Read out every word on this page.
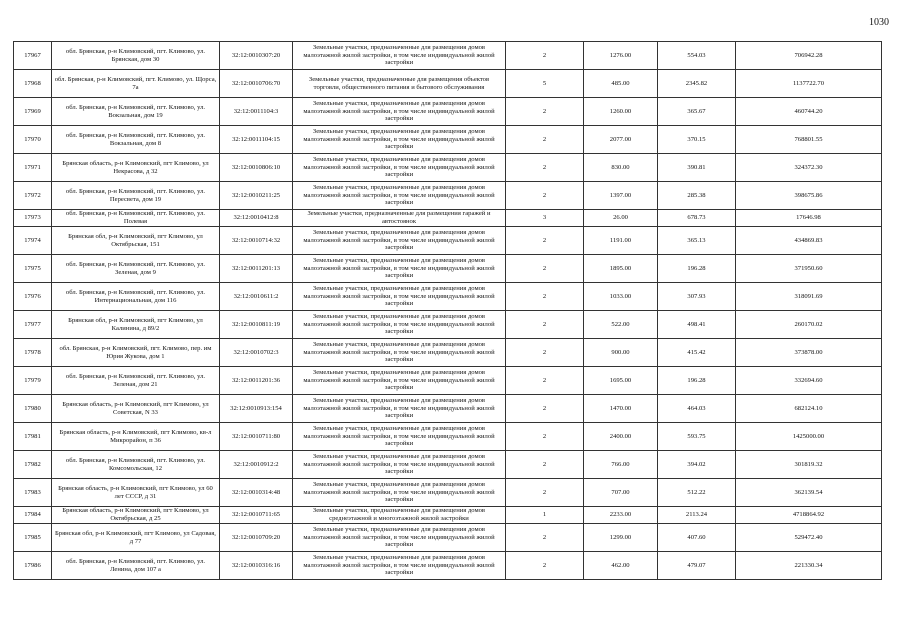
1030
17967	обл. Брянская, р-н Климовский, пгт. Климово, ул. Брянская, дом 30	32:12:0010307:20	Земельные участки, предназначенные для размещения домов малоэтажной жилой застройки, в том числе индивидуальной жилой застройки	2	1276.00	554.03	706942.28
17968	обл. Брянская, р-н Климовский, пгт. Климово, ул. Щорса, 7а	32:12:0010706:70	Земельные участки, предназначенные для размещения объектов торговли, общественного питания и бытового обслуживания	5	485.00	2345.82	1137722.70
17969	обл. Брянская, р-н Климовский, пгт. Климово, ул. Вокзальная, дом 19	32:12:0011104:3	Земельные участки, предназначенные для размещения домов малоэтажной жилой застройки, в том числе индивидуальной жилой застройки	2	1260.00	365.67	460744.20
17970	обл. Брянская, р-н Климовский, пгт. Климово, ул. Вокзальная, дом 8	32:12:0011104:15	Земельные участки, предназначенные для размещения домов малоэтажной жилой застройки, в том числе индивидуальной жилой застройки	2	2077.00	370.15	768801.55
17971	Брянская область, р-н Климовский, пгт Климово, ул Некрасова, д 32	32:12:0010806:10	Земельные участки, предназначенные для размещения домов малоэтажной жилой застройки, в том числе индивидуальной жилой застройки	2	830.00	390.81	324372.30
17972	обл. Брянская, р-н Климовский, пгт. Климово, ул. Пересвета, дом 19	32:12:0010211:25	Земельные участки, предназначенные для размещения домов малоэтажной жилой застройки, в том числе индивидуальной жилой застройки	2	1397.00	285.38	398675.86
17973	обл. Брянская, р-н Климовский, пгт. Климово, ул. Полевая	32:12:0010412:8	Земельные участки, предназначенные для размещения гаражей и автостоянок	3	26.00	678.73	17646.98
17974	Брянская обл, р-н Климовский, пгт Климово, ул Октябрьская, 151	32:12:0010714:32	Земельные участки, предназначенные для размещения домов малоэтажной жилой застройки, в том числе индивидуальной жилой застройки	2	1191.00	365.13	434869.83
17975	обл. Брянская, р-н Климовский, пгт. Климово, ул. Зеленая, дом 9	32:12:0011201:13	Земельные участки, предназначенные для размещения домов малоэтажной жилой застройки, в том числе индивидуальной жилой застройки	2	1895.00	196.28	371950.60
17976	обл. Брянская, р-н Климовский, пгт. Климово, ул. Интернациональная, дом 116	32:12:0010611:2	Земельные участки, предназначенные для размещения домов малоэтажной жилой застройки, в том числе индивидуальной жилой застройки	2	1033.00	307.93	318091.69
17977	Брянская обл, р-н Климовский, пгт Климово, ул Калинина, д 89/2	32:12:0010811:19	Земельные участки, предназначенные для размещения домов малоэтажной жилой застройки, в том числе индивидуальной жилой застройки	2	522.00	498.41	260170.02
17978	обл. Брянская, р-н Климовский, пгт. Климово, пер. им Юрия Жукова, дом 1	32:12:0010702:3	Земельные участки, предназначенные для размещения домов малоэтажной жилой застройки, в том числе индивидуальной жилой застройки	2	900.00	415.42	373878.00
17979	обл. Брянская, р-н Климовский, пгт. Климово, ул. Зеленая, дом 21	32:12:0011201:36	Земельные участки, предназначенные для размещения домов малоэтажной жилой застройки, в том числе индивидуальной жилой застройки	2	1695.00	196.28	332694.60
17980	Брянская область, р-н Климовский, пгт Климово, ул Советская, N 33	32:12:0010913:154	Земельные участки, предназначенные для размещения домов малоэтажной жилой застройки, в том числе индивидуальной жилой застройки	2	1470.00	464.03	682124.10
17981	Брянская область, р-н Климовский, пгт Климово, кв-л Микрорайон, п 36	32:12:0010711:80	Земельные участки, предназначенные для размещения домов малоэтажной жилой застройки, в том числе индивидуальной жилой застройки	2	2400.00	593.75	1425000.00
17982	обл. Брянская, р-н Климовский, пгт. Климово, ул. Комсомольская, 12	32:12:0010912:2	Земельные участки, предназначенные для размещения домов малоэтажной жилой застройки, в том числе индивидуальной жилой застройки	2	766.00	394.02	301819.32
17983	Брянская область, р-н Климовский, пгт Климово, ул 60 лет СССР, д 31	32:12:0010314:48	Земельные участки, предназначенные для размещения домов малоэтажной жилой застройки, в том числе индивидуальной жилой застройки	2	707.00	512.22	362139.54
17984	Брянская область, р-н Климовский, пгт Климово, ул Октябрьская, д 25	32:12:0010711:65	Земельные участки, предназначенные для размещения домов среднеэтажной и многоэтажной жилой застройки	1	2233.00	2113.24	4718864.92
17985	Брянская обл, р-н Климовский, пгт Климово, ул Садовая, д 77	32:12:0010709:20	Земельные участки, предназначенные для размещения домов малоэтажной жилой застройки, в том числе индивидуальной жилой застройки	2	1299.00	407.60	529472.40
17986	обл. Брянская, р-н Климовский, пгт. Климово, ул. Ленина, дом 107 а	32:12:0010316:16	Земельные участки, предназначенные для размещения домов малоэтажной жилой застройки, в том числе индивидуальной жилой застройки	2	462.00	479.07	221330.34
